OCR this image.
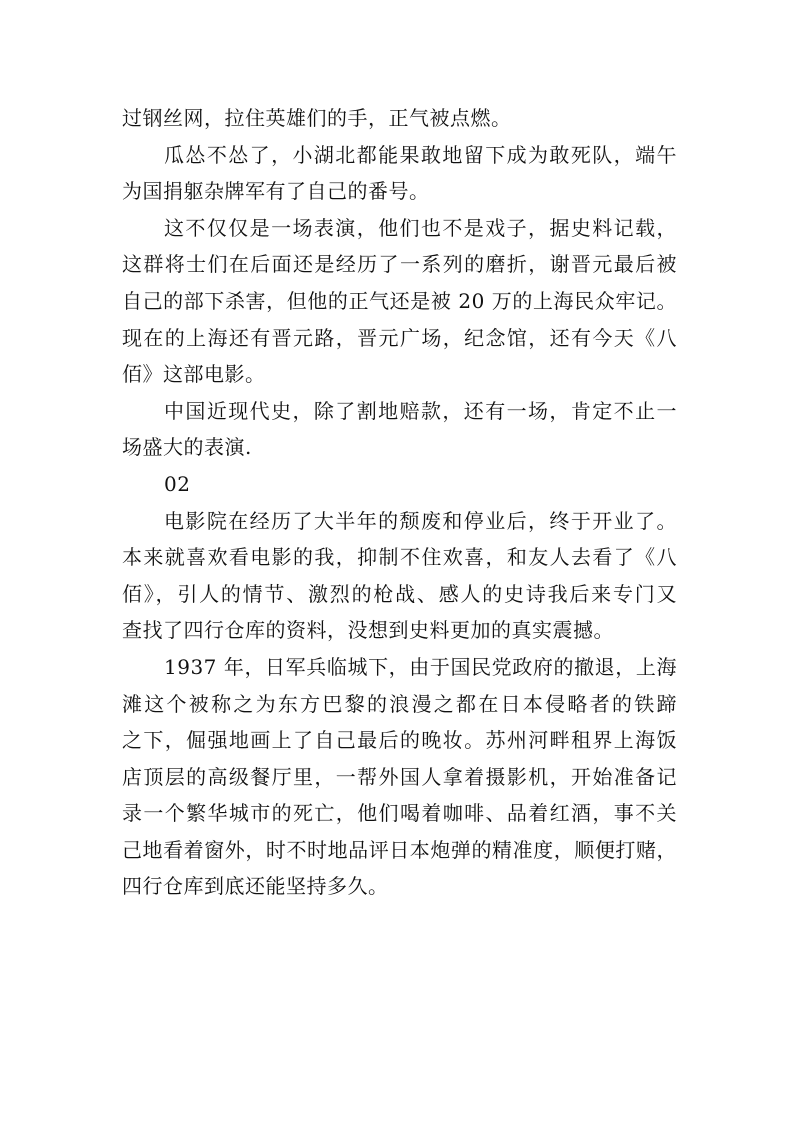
过钢丝网，拉住英雄们的手，正气被点燃。
瓜怂不怂了，小湖北都能果敢地留下成为敢死队，端午
为国捐躯杂牌军有了自己的番号。
这不仅仅是一场表演，他们也不是戏子，据史料记载，
这群将士们在后面还是经历了一系列的磨折，谢晋元最后被
自己的部下杀害，但他的正气还是被 20 万的上海民众牢记。
现在的上海还有晋元路，晋元广场，纪念馆，还有今天《八
佰》这部电影。
中国近现代史，除了割地赔款，还有一场，肯定不止一
场盛大的表演.
02
电影院在经历了大半年的颓废和停业后，终于开业了。
本来就喜欢看电影的我，抑制不住欢喜，和友人去看了《八
佰》，引人的情节、激烈的枪战、感人的史诗我后来专门又
查找了四行仓库的资料，没想到史料更加的真实震撼。
1937 年，日军兵临城下，由于国民党政府的撤退，上海
滩这个被称之为东方巴黎的浪漫之都在日本侵略者的铁蹄
之下，倔强地画上了自己最后的晚妆。苏州河畔租界上海饭
店顶层的高级餐厅里，一帮外国人拿着摄影机，开始准备记
录一个繁华城市的死亡，他们喝着咖啡、品着红酒，事不关
己地看着窗外，时不时地品评日本炮弹的精准度，顺便打赌，
四行仓库到底还能坚持多久。
